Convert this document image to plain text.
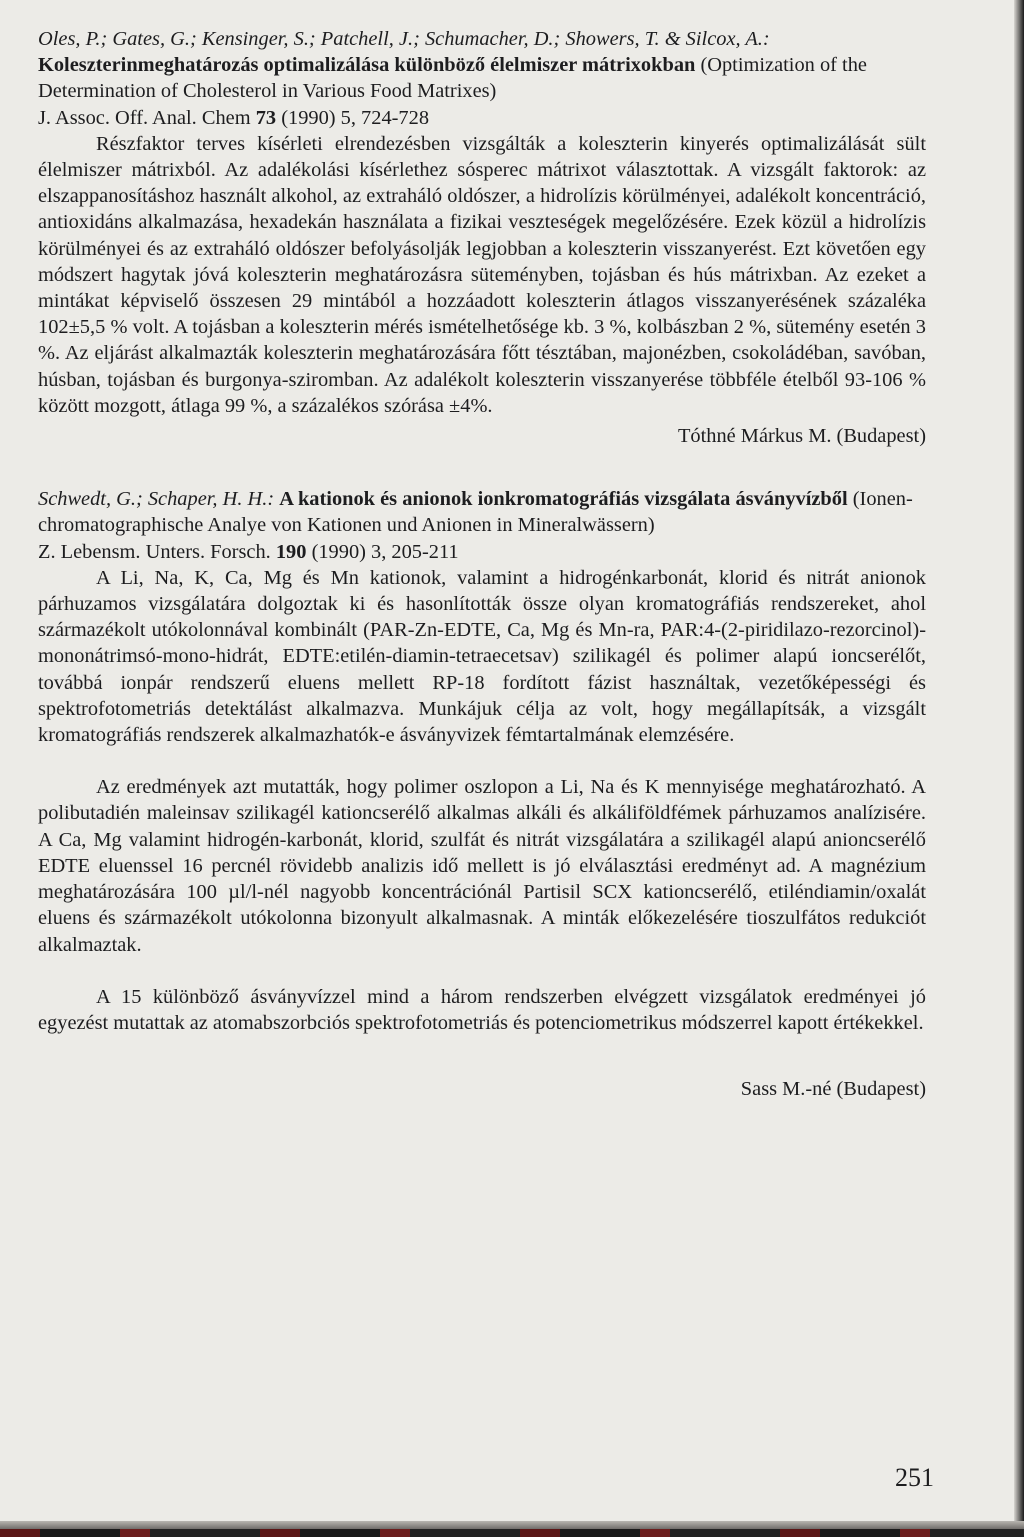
Oles, P.; Gates, G.; Kensinger, S.; Patchell, J.; Schumacher, D.; Showers, T. & Silcox, A.: Koleszterinmeghatározás optimalizálása különböző élelmiszer mátrixokban (Optimization of the Determination of Cholesterol in Various Food Matrixes)
J. Assoc. Off. Anal. Chem 73 (1990) 5, 724-728

Részfaktor terves kísérleti elrendezésben vizsgálták a koleszterin kinyerés optimalizálását sült élelmiszer mátrixból. Az adalékolási kísérlethez sósperec mátrixot választottak. A vizsgált faktorok: az elszappanosításhoz használt alkohol, az extraháló oldószer, a hidrolízis körülményei, adalékolt koncentráció, antioxidáns alkalmazása, hexadekán használata a fizikai veszteségek megelőzésére. Ezek közül a hidrolízis körülményei és az extraháló oldószer befolyásolják legjobban a koleszterin visszanyerést. Ezt követően egy módszert hagytak jóvá koleszterin meghatározásra süteményben, tojásban és hús mátrixban. Az ezeket a mintákat képviselő összesen 29 mintából a hozzáadott koleszterin átlagos visszanyerésének százaléka 102±5,5 % volt. A tojásban a koleszterin mérés ismételhetősége kb. 3 %, kolbászban 2 %, sütemény esetén 3 %. Az eljárást alkalmazták koleszterin meghatározására főtt tésztában, majonézben, csokoládéban, savóban, húsban, tojásban és burgonya-sziromban. Az adalékolt koleszterin visszanyerése többféle ételből 93-106 % között mozgott, átlaga 99 %, a százalékos szórása ±4%.

Tóthné Márkus M. (Budapest)

Schwedt, G.; Schaper, H. H.: A kationok és anionok ionkromatográfiás vizsgálata ásványvízből (Ionen-chromatographische Analye von Kationen und Anionen in Mineralwässern)
Z. Lebensm. Unters. Forsch. 190 (1990) 3, 205-211

A Li, Na, K, Ca, Mg és Mn kationok, valamint a hidrogénkarbonát, klorid és nitrát anionok párhuzamos vizsgálatára dolgoztak ki és hasonlították össze olyan kromatográfiás rendszereket, ahol származékolt utókolonnával kombinált (PAR-Zn-EDTE, Ca, Mg és Mn-ra, PAR:4-(2-piridilazo-rezorcinol)-mononátrimsó-mono-hidrát, EDTE:etilén-diamin-tetraecetsav) szilikagél és polimer alapú ioncserélőt, továbbá ionpár rendszerű eluens mellett RP-18 fordított fázist használtak, vezetőképességi és spektrofotometriás detektálást alkalmazva. Munkájuk célja az volt, hogy megállapítsák, a vizsgált kromatográfiás rendszerek alkalmazhatók-e ásványvizek fémtartalmának elemzésére.

Az eredmények azt mutatták, hogy polimer oszlopon a Li, Na és K mennyisége meghatározható. A polibutadién maleinsav szilikagél kationcserélő alkalmas alkáli és alkáliföldfémek párhuzamos analízisére. A Ca, Mg valamint hidrogén-karbonát, klorid, szulfát és nitrát vizsgálatára a szilikagél alapú anioncserélő EDTE eluenssel 16 percnél rövidebb analizis idő mellett is jó elválasztási eredményt ad. A magnézium meghatározására 100 µl/l-nél nagyobb koncentrációnál Partisil SCX kationcserélő, etiléndiamin/oxalát eluens és származékolt utókolonna bizonyult alkalmasnak. A minták előkezelésére tioszulfátos redukciót alkalmaztak.

A 15 különböző ásványvízzel mind a három rendszerben elvégzett vizsgálatok eredményei jó egyezést mutattak az atomabszorbciós spektrofotometriás és potenciometrikus módszerrel kapott értékekkel.

Sass M.-né (Budapest)

251
